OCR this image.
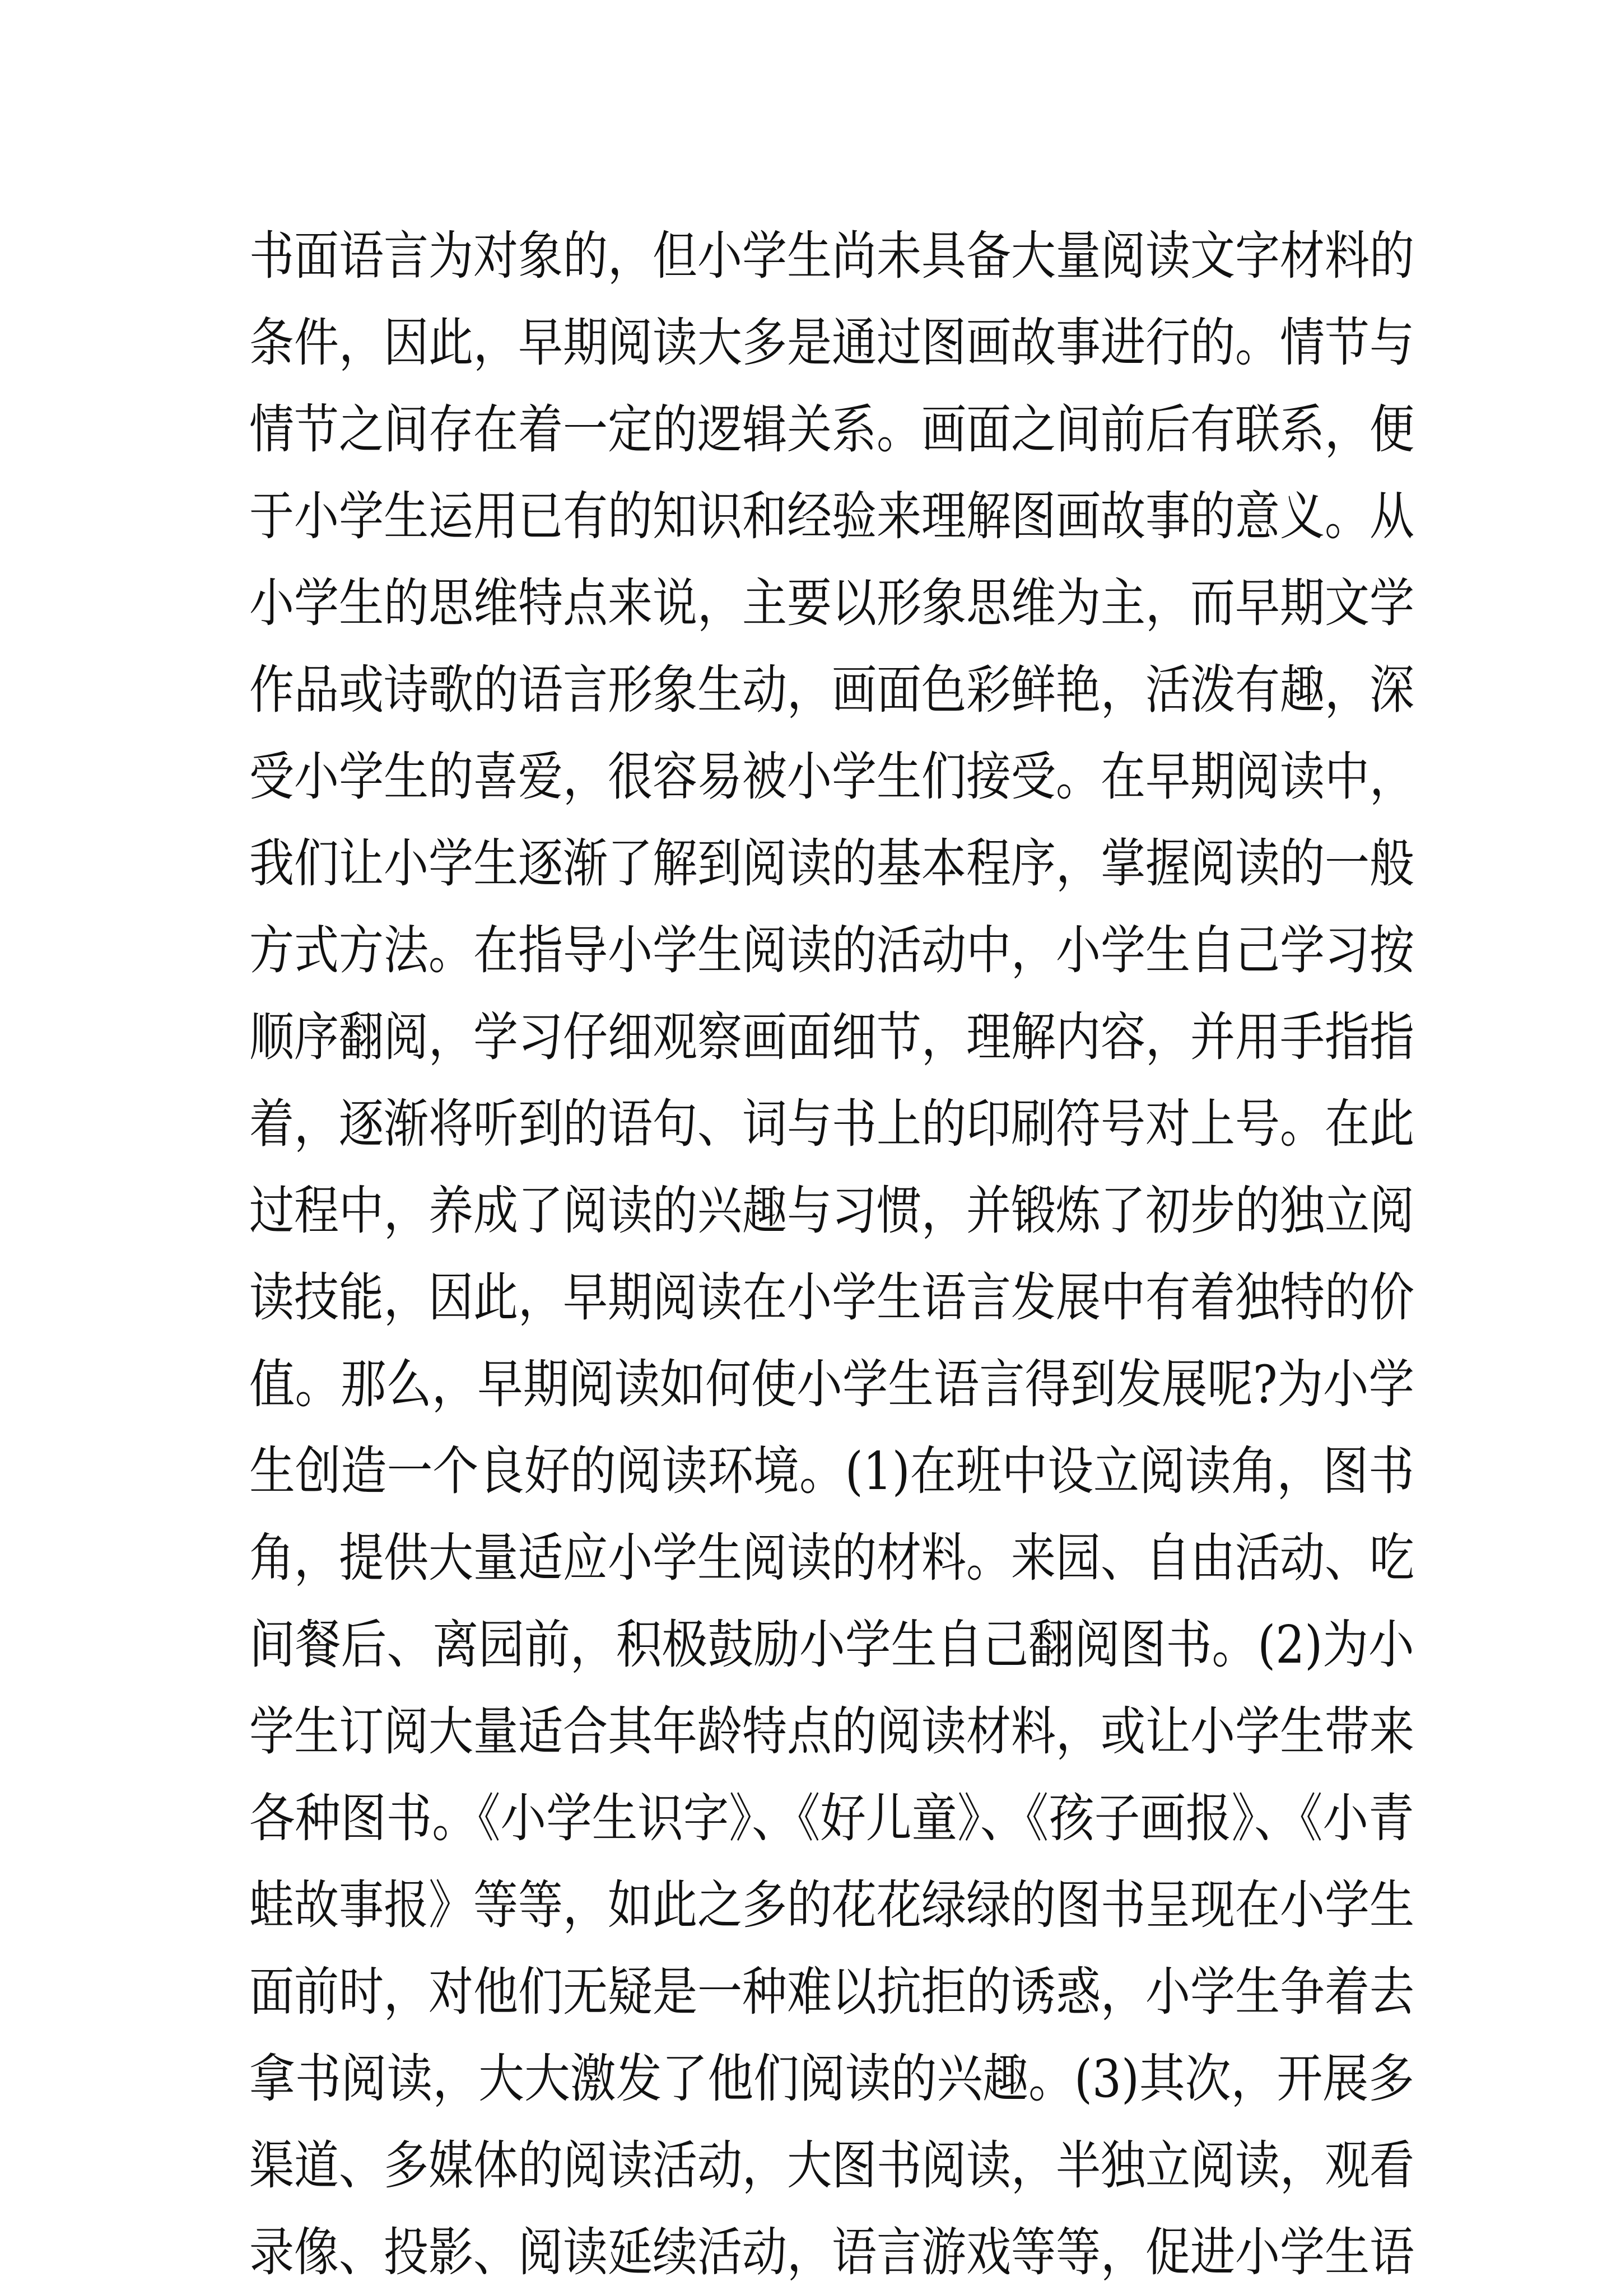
书面语言为对象的，但小学生尚未具备大量阅读文字材料的
条件，因此，早期阅读大多是通过图画故事进行的。情节与
情节之间存在着一定的逻辑关系。画面之间前后有联系，便
于小学生运用已有的知识和经验来理解图画故事的意义。从
小学生的思维特点来说，主要以形象思维为主，而早期文学
作品或诗歌的语言形象生动，画面色彩鲜艳，活泼有趣，深
受小学生的喜爱，很容易被小学生们接受。在早期阅读中，
我们让小学生逐渐了解到阅读的基本程序，掌握阅读的一般
方式方法。在指导小学生阅读的活动中，小学生自己学习按
顺序翻阅，学习仔细观察画面细节，理解内容，并用手指指
着，逐渐将听到的语句、词与书上的印刷符号对上号。在此
过程中，养成了阅读的兴趣与习惯，并锻炼了初步的独立阅
读技能，因此，早期阅读在小学生语言发展中有着独特的价
值。那么，早期阅读如何使小学生语言得到发展呢?为小学
生创造一个良好的阅读环境。(1)在班中设立阅读角，图书
角，提供大量适应小学生阅读的材料。来园、自由活动、吃
间餐后、离园前，积极鼓励小学生自己翻阅图书。(2)为小
学生订阅大量适合其年龄特点的阅读材料，或让小学生带来
各种图书。《小学生识字》、《好儿童》、《孩子画报》、《小青
蛙故事报》等等，如此之多的花花绿绿的图书呈现在小学生
面前时，对他们无疑是一种难以抗拒的诱惑，小学生争着去
拿书阅读，大大激发了他们阅读的兴趣。(3)其次，开展多
渠道、多媒体的阅读活动，大图书阅读，半独立阅读，观看
录像、投影、阅读延续活动，语言游戏等等，促进小学生语
